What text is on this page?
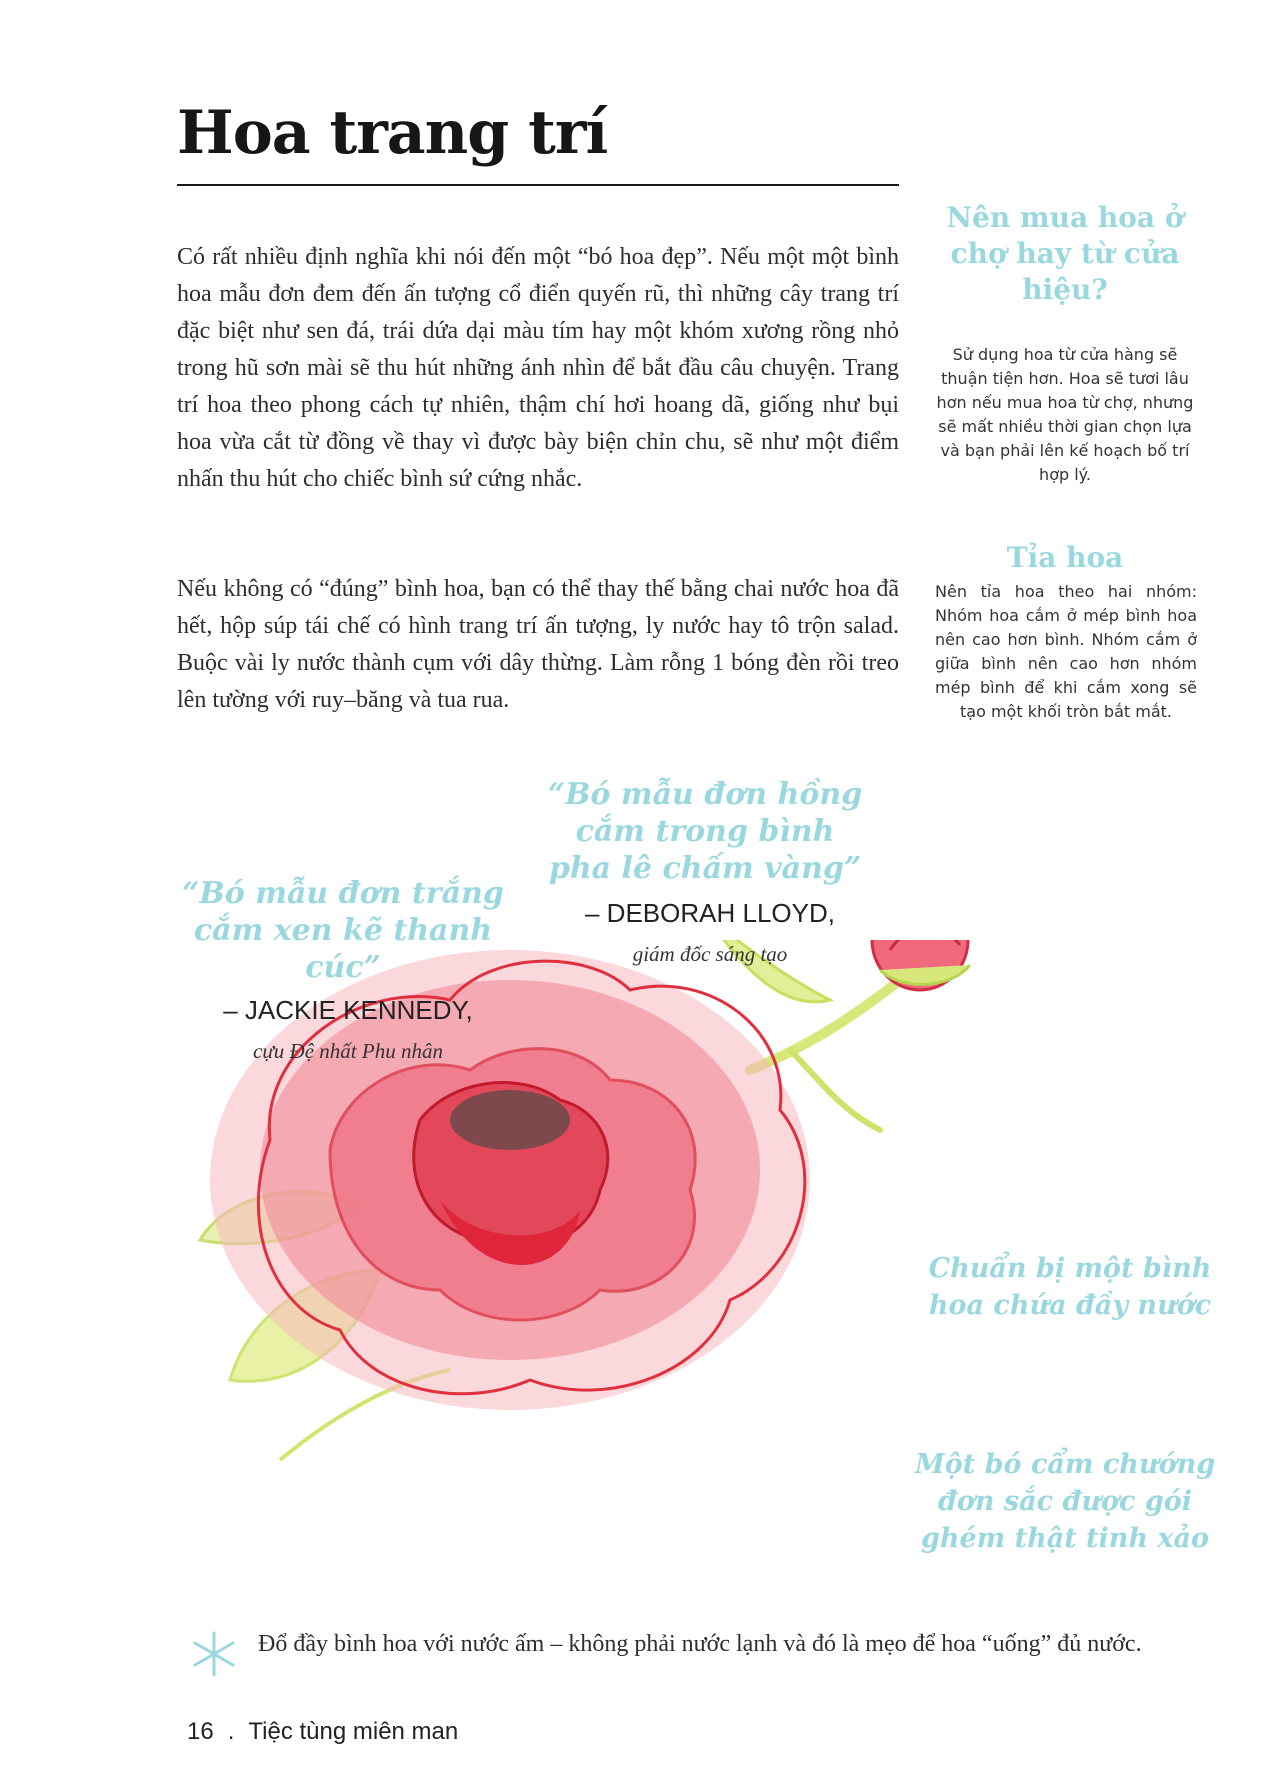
Hoa trang trí

Có rất nhiều định nghĩa khi nói đến một “bó hoa đẹp”. Nếu một một bình hoa mẫu đơn đem đến ấn tượng cổ điển quyến rũ, thì những cây trang trí đặc biệt như sen đá, trái dứa dại màu tím hay một khóm xương rồng nhỏ trong hũ sơn mài sẽ thu hút những ánh nhìn để bắt đầu câu chuyện. Trang trí hoa theo phong cách tự nhiên, thậm chí hơi hoang dã, giống như bụi hoa vừa cắt từ đồng về thay vì được bày biện chỉn chu, sẽ như một điểm nhấn thu hút cho chiếc bình sứ cứng nhắc.

Nếu không có “đúng” bình hoa, bạn có thể thay thế bằng chai nước hoa đã hết, hộp súp tái chế có hình trang trí ấn tượng, ly nước hay tô trộn salad. Buộc vài ly nước thành cụm với dây thừng. Làm rỗng 1 bóng đèn rồi treo lên tường với ruy–băng và tua rua.

Nên mua hoa ở chợ hay từ cửa hiệu?

Sử dụng hoa từ cửa hàng sẽ thuận tiện hơn. Hoa sẽ tươi lâu hơn nếu mua hoa từ chợ, nhưng sẽ mất nhiều thời gian chọn lựa và bạn phải lên kế hoạch bố trí hợp lý.

Tỉa hoa

Nên tỉa hoa theo hai nhóm: Nhóm hoa cắm ở mép bình hoa nên cao hơn bình. Nhóm cắm ở giữa bình nên cao hơn nhóm mép bình để khi cắm xong sẽ tạo một khối tròn bắt mắt.

“Bó mẫu đơn hồng cắm trong bình pha lê chấm vàng”

– DEBORAH LLOYD,

giám đốc sáng tạo

“Bó mẫu đơn trắng cắm xen kẽ thanh cúc”

– JACKIE KENNEDY,

cựu Đệ nhất Phu nhân

Chuẩn bị một bình hoa chứa đầy nước

Một bó cẩm chướng đơn sắc được gói ghém thật tinh xảo

Đổ đầy bình hoa với nước ấm – không phải nước lạnh và đó là mẹo để hoa “uống” đủ nước.

16 . Tiệc tùng miên man
